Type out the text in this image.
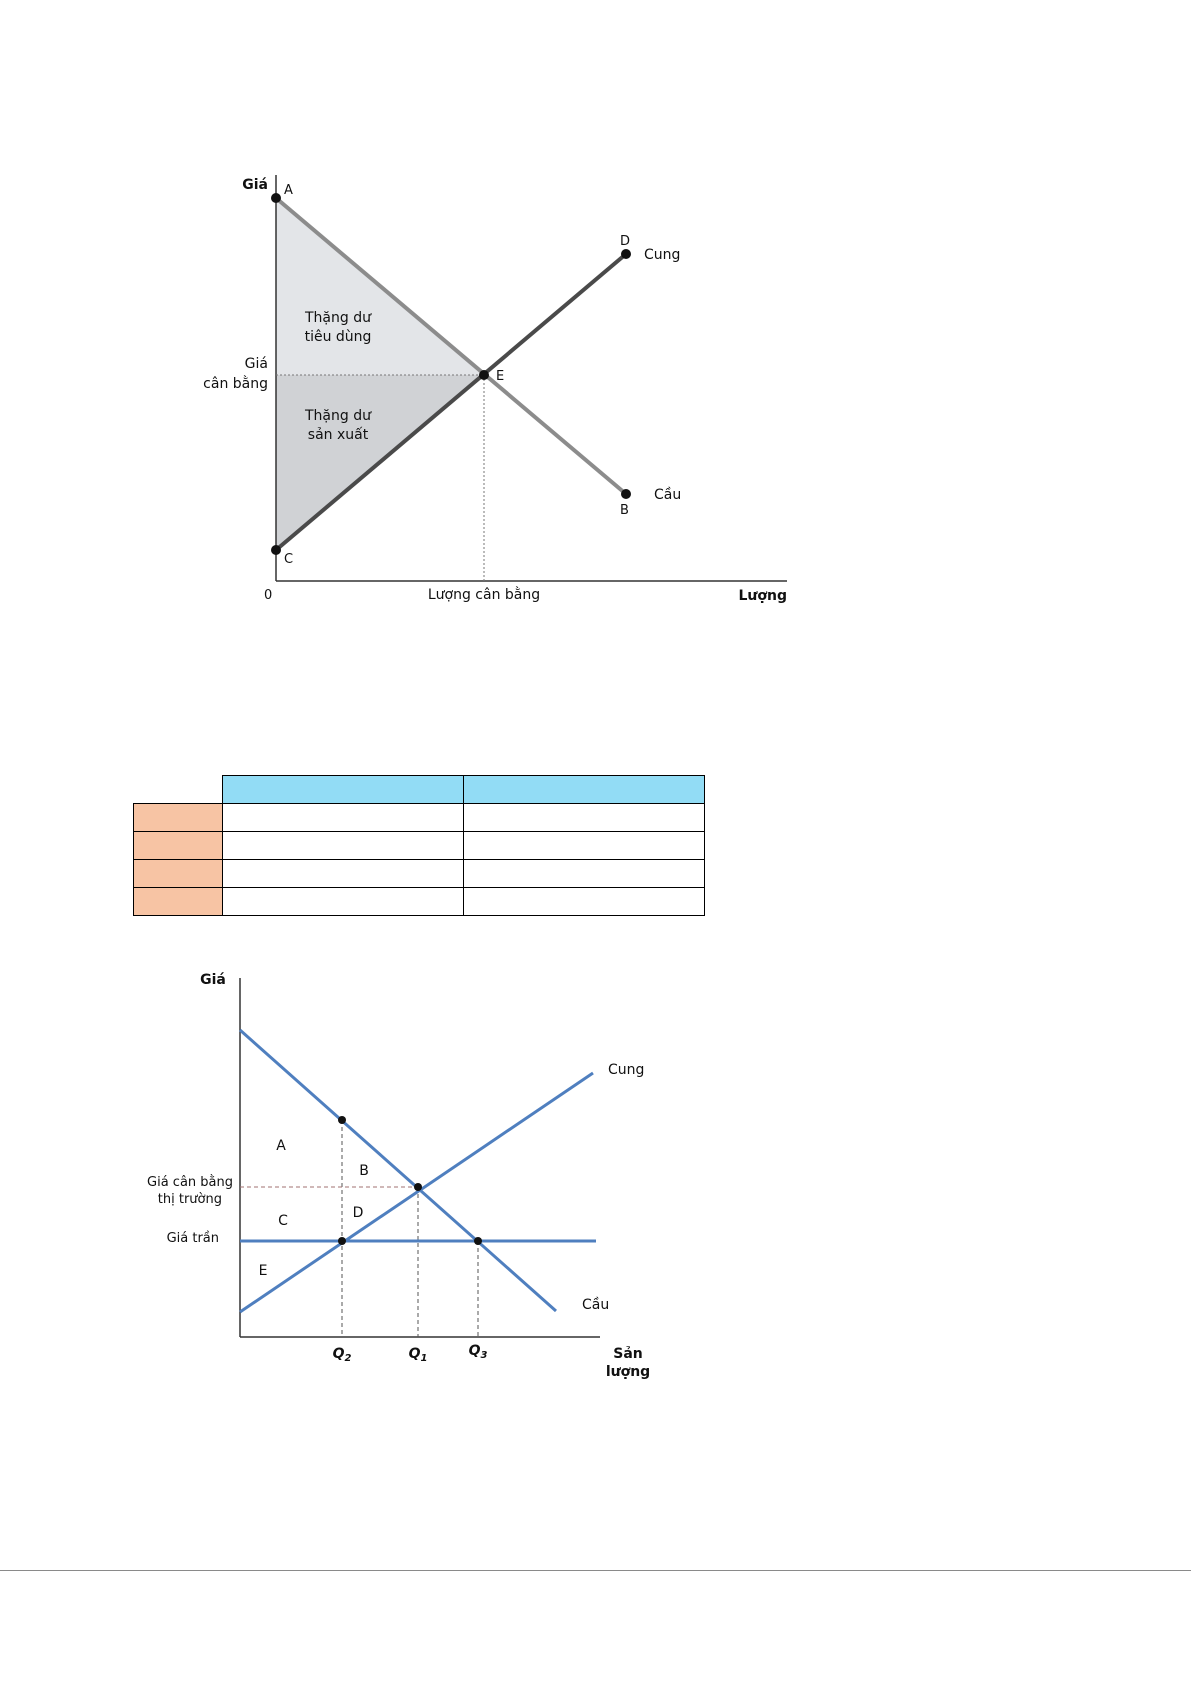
Giá
Lượng
0
A
B
C
D
E
Cung
Cầu
Giá
cân bằng
Lượng cân bằng
Thặng dư
tiêu dùng
Thặng dư
sản xuất

Giá
Sản
lượng
Cung
Cầu
Giá cân bằng
thị trường
Giá trần
A
B
C	D
E
$Q_2$	$Q_1$	$Q_3$
